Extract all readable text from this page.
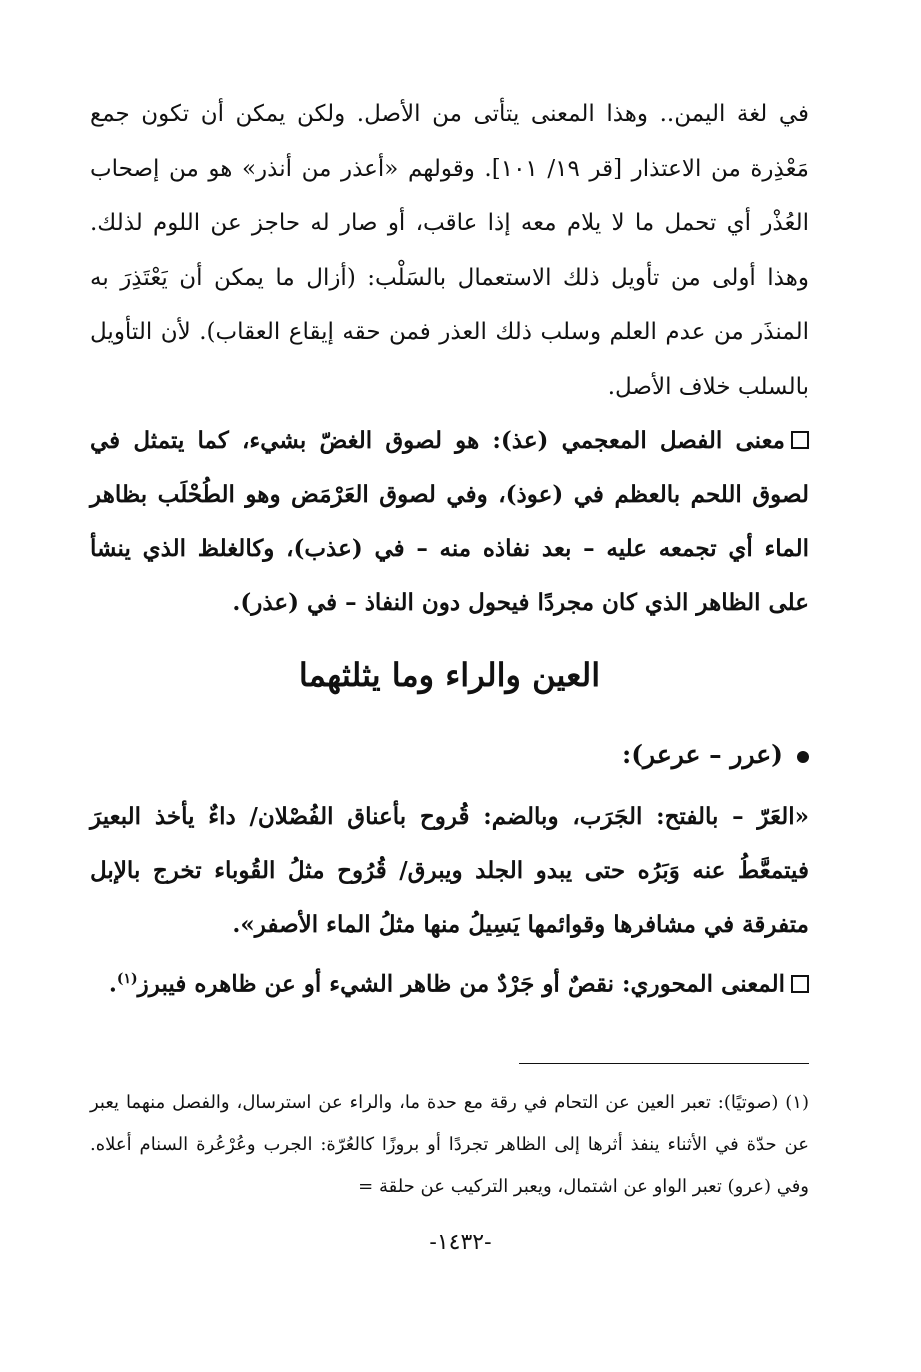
في لغة اليمن.. وهذا المعنى يتأتى من الأصل. ولكن يمكن أن تكون جمع مَعْذِرة من الاعتذار [قر ١٩/ ١٠١]. وقولهم «أعذر من أنذر» هو من إصحاب العُذْر أي تحمل ما لا يلام معه إذا عاقب، أو صار له حاجز عن اللوم لذلك. وهذا أولى من تأويل ذلك الاستعمال بالسَلْب: (أزال ما يمكن أن يَعْتَذِرَ به المنذَر من عدم العلم وسلب ذلك العذر فمن حقه إيقاع العقاب). لأن التأويل بالسلب خلاف الأصل.

معنى الفصل المعجمي (عذ): هو لصوق الغضّ بشيء، كما يتمثل في لصوق اللحم بالعظم في (عوذ)، وفي لصوق العَرْمَض وهو الطُحْلَب بظاهر الماء أي تجمعه عليه – بعد نفاذه منه – في (عذب)، وكالغلظ الذي ينشأ على الظاهر الذي كان مجردًا فيحول دون النفاذ – في (عذر).

العين والراء وما يثلثهما

(عرر – عرعر):

«العَرّ – بالفتح: الجَرَب، وبالضم: قُروح بأعناق الفُصْلان/ داءٌ يأخذ البعيرَ فيتمعَّطُ عنه وَبَرُه حتى يبدو الجلد ويبرق/ قُرُوح مثلُ القُوباء تخرج بالإبل متفرقة في مشافرها وقوائمها يَسِيلُ منها مثلُ الماء الأصفر».

المعنى المحوري: نقصٌ أو جَرْدٌ من ظاهر الشيء أو عن ظاهره فيبرز$^{(١)}$.

(١) (صوتيًا): تعبر العين عن التحام في رقة مع حدة ما، والراء عن استرسال، والفصل منهما يعبر عن حدّة في الأثناء ينفذ أثرها إلى الظاهر تجردًا أو بروزًا كالعُرّة: الجرب وعُرْعُرة السنام أعلاه. وفي (عرو) تعبر الواو عن اشتمال، ويعبر التركيب عن حلقة =

-١٤٣٢-
